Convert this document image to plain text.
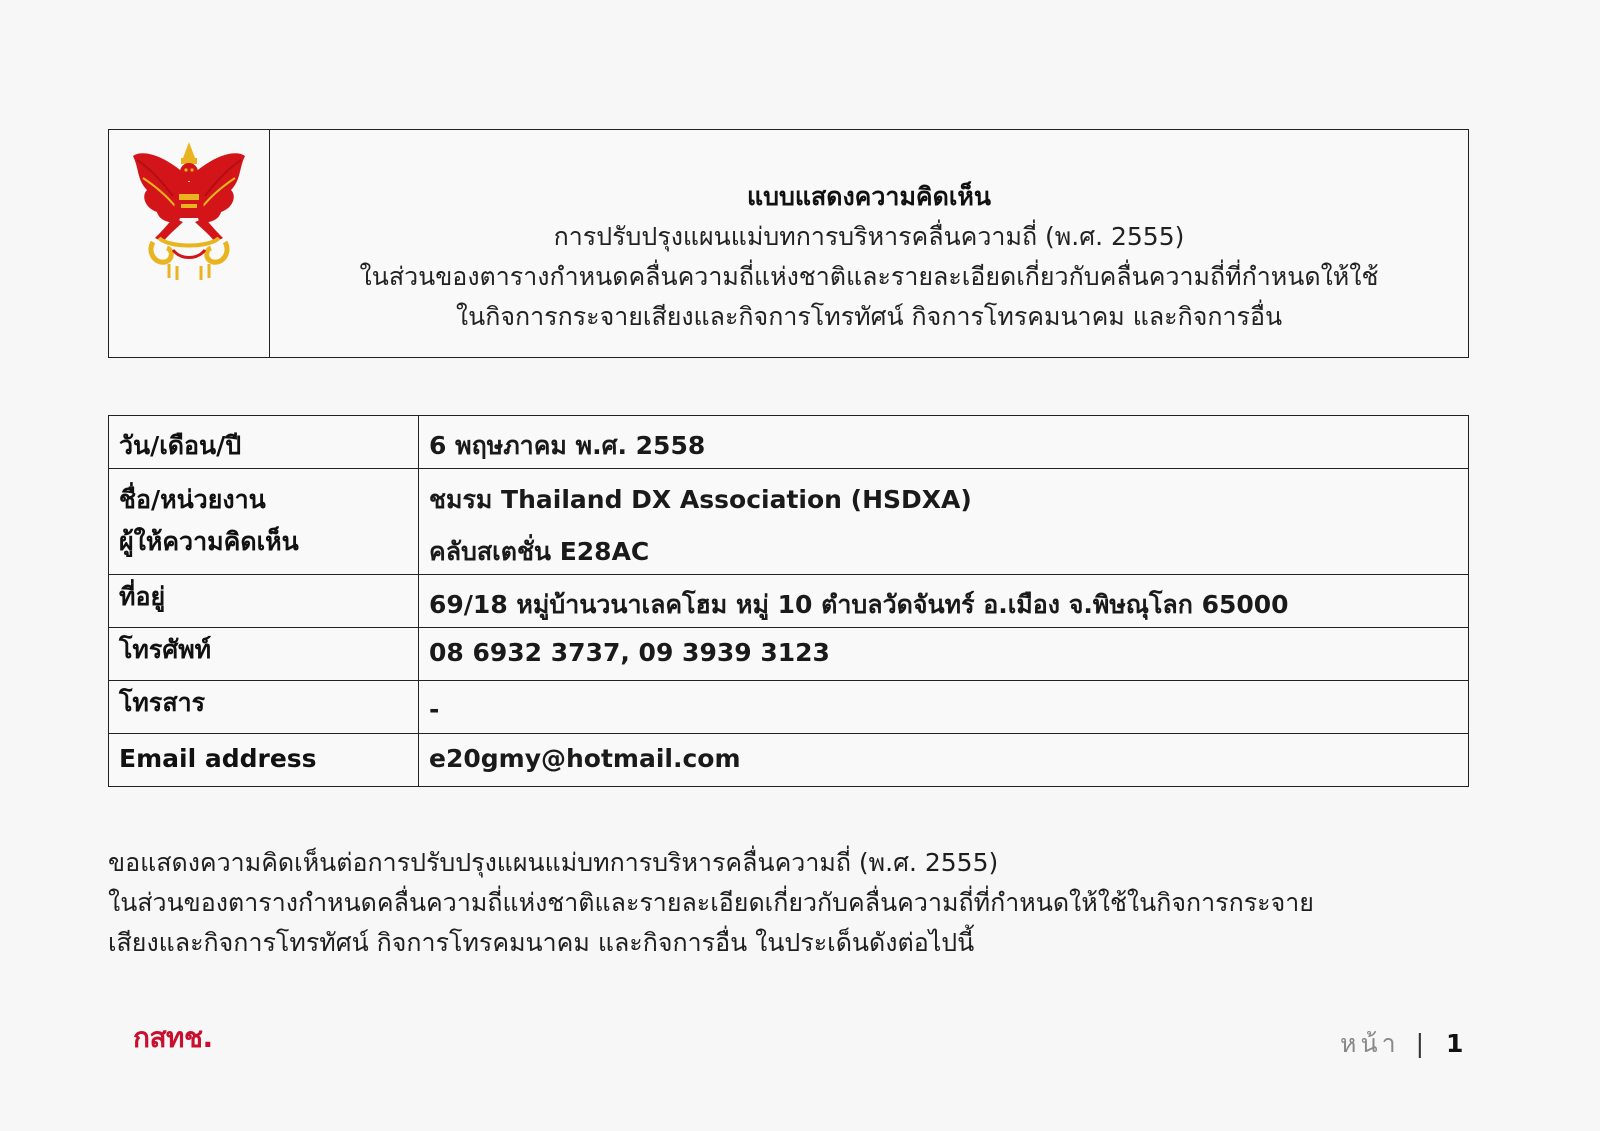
แบบแสดงความคิดเห็น
การปรับปรุงแผนแม่บทการบริหารคลื่นความถี่ (พ.ศ. 2555)
ในส่วนของตารางกำหนดคลื่นความถี่แห่งชาติและรายละเอียดเกี่ยวกับคลื่นความถี่ที่กำหนดให้ใช้
ในกิจการกระจายเสียงและกิจการโทรทัศน์ กิจการโทรคมนาคม และกิจการอื่น
วัน/เดือน/ปี	6 พฤษภาคม พ.ศ. 2558

ชื่อ/หน่วยงาน
ผู้ให้ความคิดเห็น	ชมรม Thailand DX Association (HSDXA)
คลับสเตชั่น E28AC

ที่อยู่	69/18 หมู่บ้านวนาเลคโฮม หมู่ 10 ตำบลวัดจันทร์ อ.เมือง จ.พิษณุโลก 65000
โทรศัพท์	08 6932 3737, 09 3939 3123
โทรสาร	-
Email address	e20gmy@hotmail.com
ขอแสดงความคิดเห็นต่อการปรับปรุงแผนแม่บทการบริหารคลื่นความถี่ (พ.ศ. 2555)
ในส่วนของตารางกำหนดคลื่นความถี่แห่งชาติและรายละเอียดเกี่ยวกับคลื่นความถี่ที่กำหนดให้ใช้ในกิจการกระจาย
เสียงและกิจการโทรทัศน์ กิจการโทรคมนาคม และกิจการอื่น ในประเด็นดังต่อไปนี้
กสทช.	หน้า | 1
